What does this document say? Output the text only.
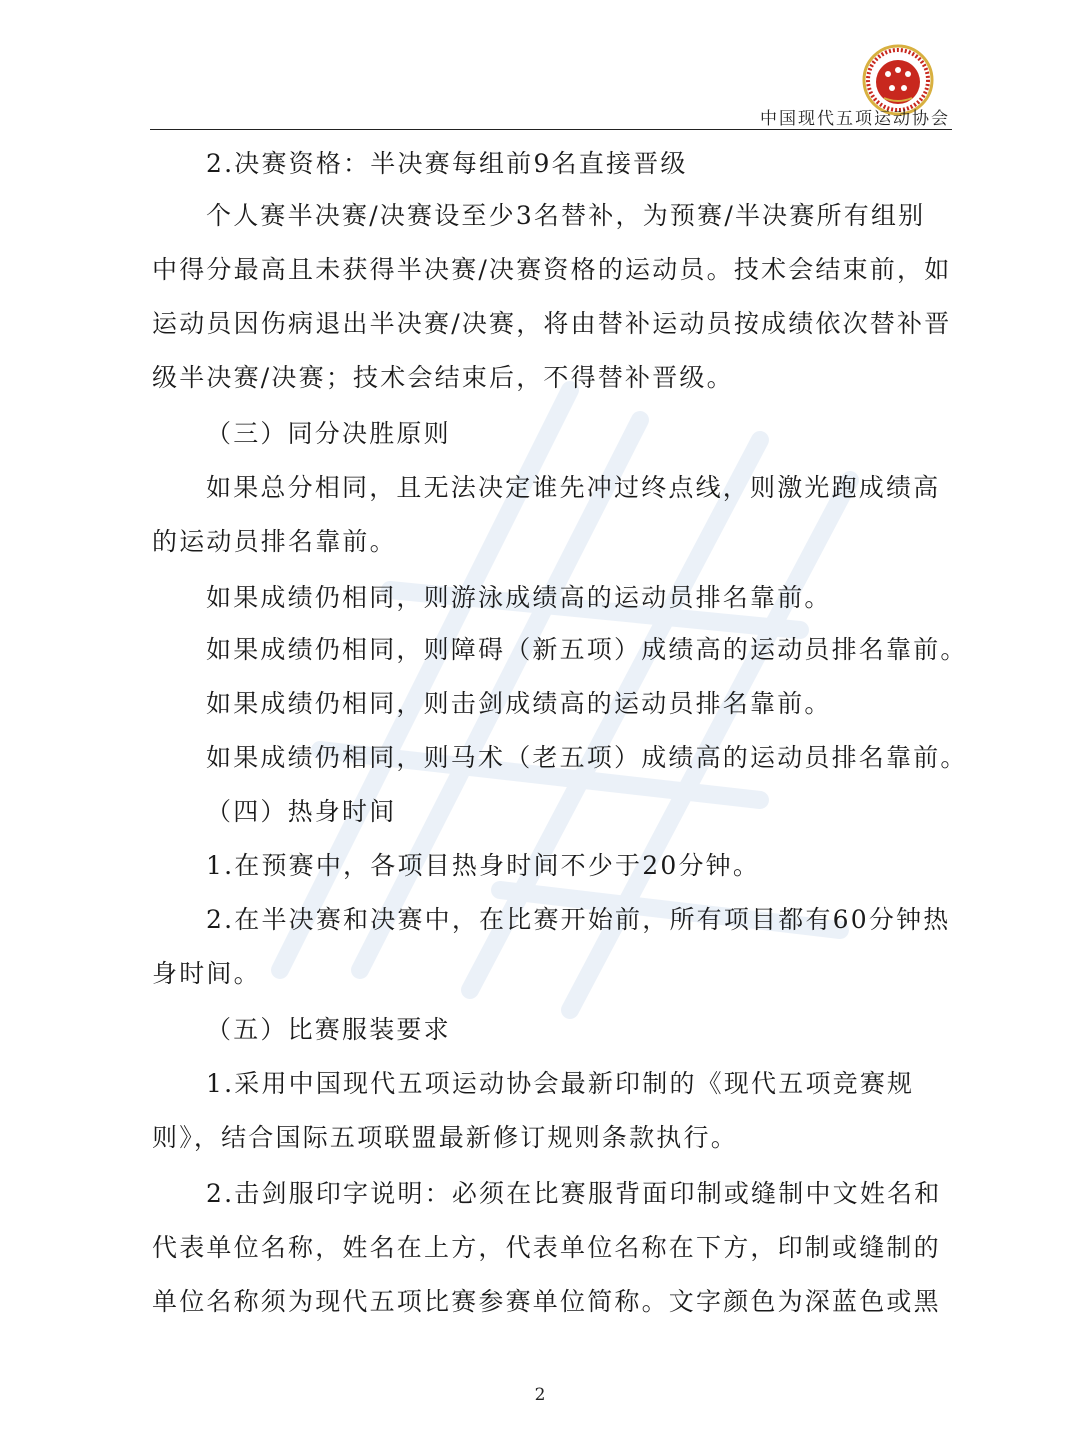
中国现代五项运动协会
2.决赛资格：半决赛每组前9名直接晋级
个人赛半决赛/决赛设至少3名替补，为预赛/半决赛所有组别
中得分最高且未获得半决赛/决赛资格的运动员。技术会结束前，如
运动员因伤病退出半决赛/决赛，将由替补运动员按成绩依次替补晋
级半决赛/决赛；技术会结束后，不得替补晋级。
（三）同分决胜原则
如果总分相同，且无法决定谁先冲过终点线，则激光跑成绩高
的运动员排名靠前。
如果成绩仍相同，则游泳成绩高的运动员排名靠前。
如果成绩仍相同，则障碍（新五项）成绩高的运动员排名靠前。
如果成绩仍相同，则击剑成绩高的运动员排名靠前。
如果成绩仍相同，则马术（老五项）成绩高的运动员排名靠前。
（四）热身时间
1.在预赛中，各项目热身时间不少于20分钟。
2.在半决赛和决赛中，在比赛开始前，所有项目都有60分钟热
身时间。
（五）比赛服装要求
1.采用中国现代五项运动协会最新印制的《现代五项竞赛规
则》，结合国际五项联盟最新修订规则条款执行。
2.击剑服印字说明：必须在比赛服背面印制或缝制中文姓名和
代表单位名称，姓名在上方，代表单位名称在下方，印制或缝制的
单位名称须为现代五项比赛参赛单位简称。文字颜色为深蓝色或黑
2
